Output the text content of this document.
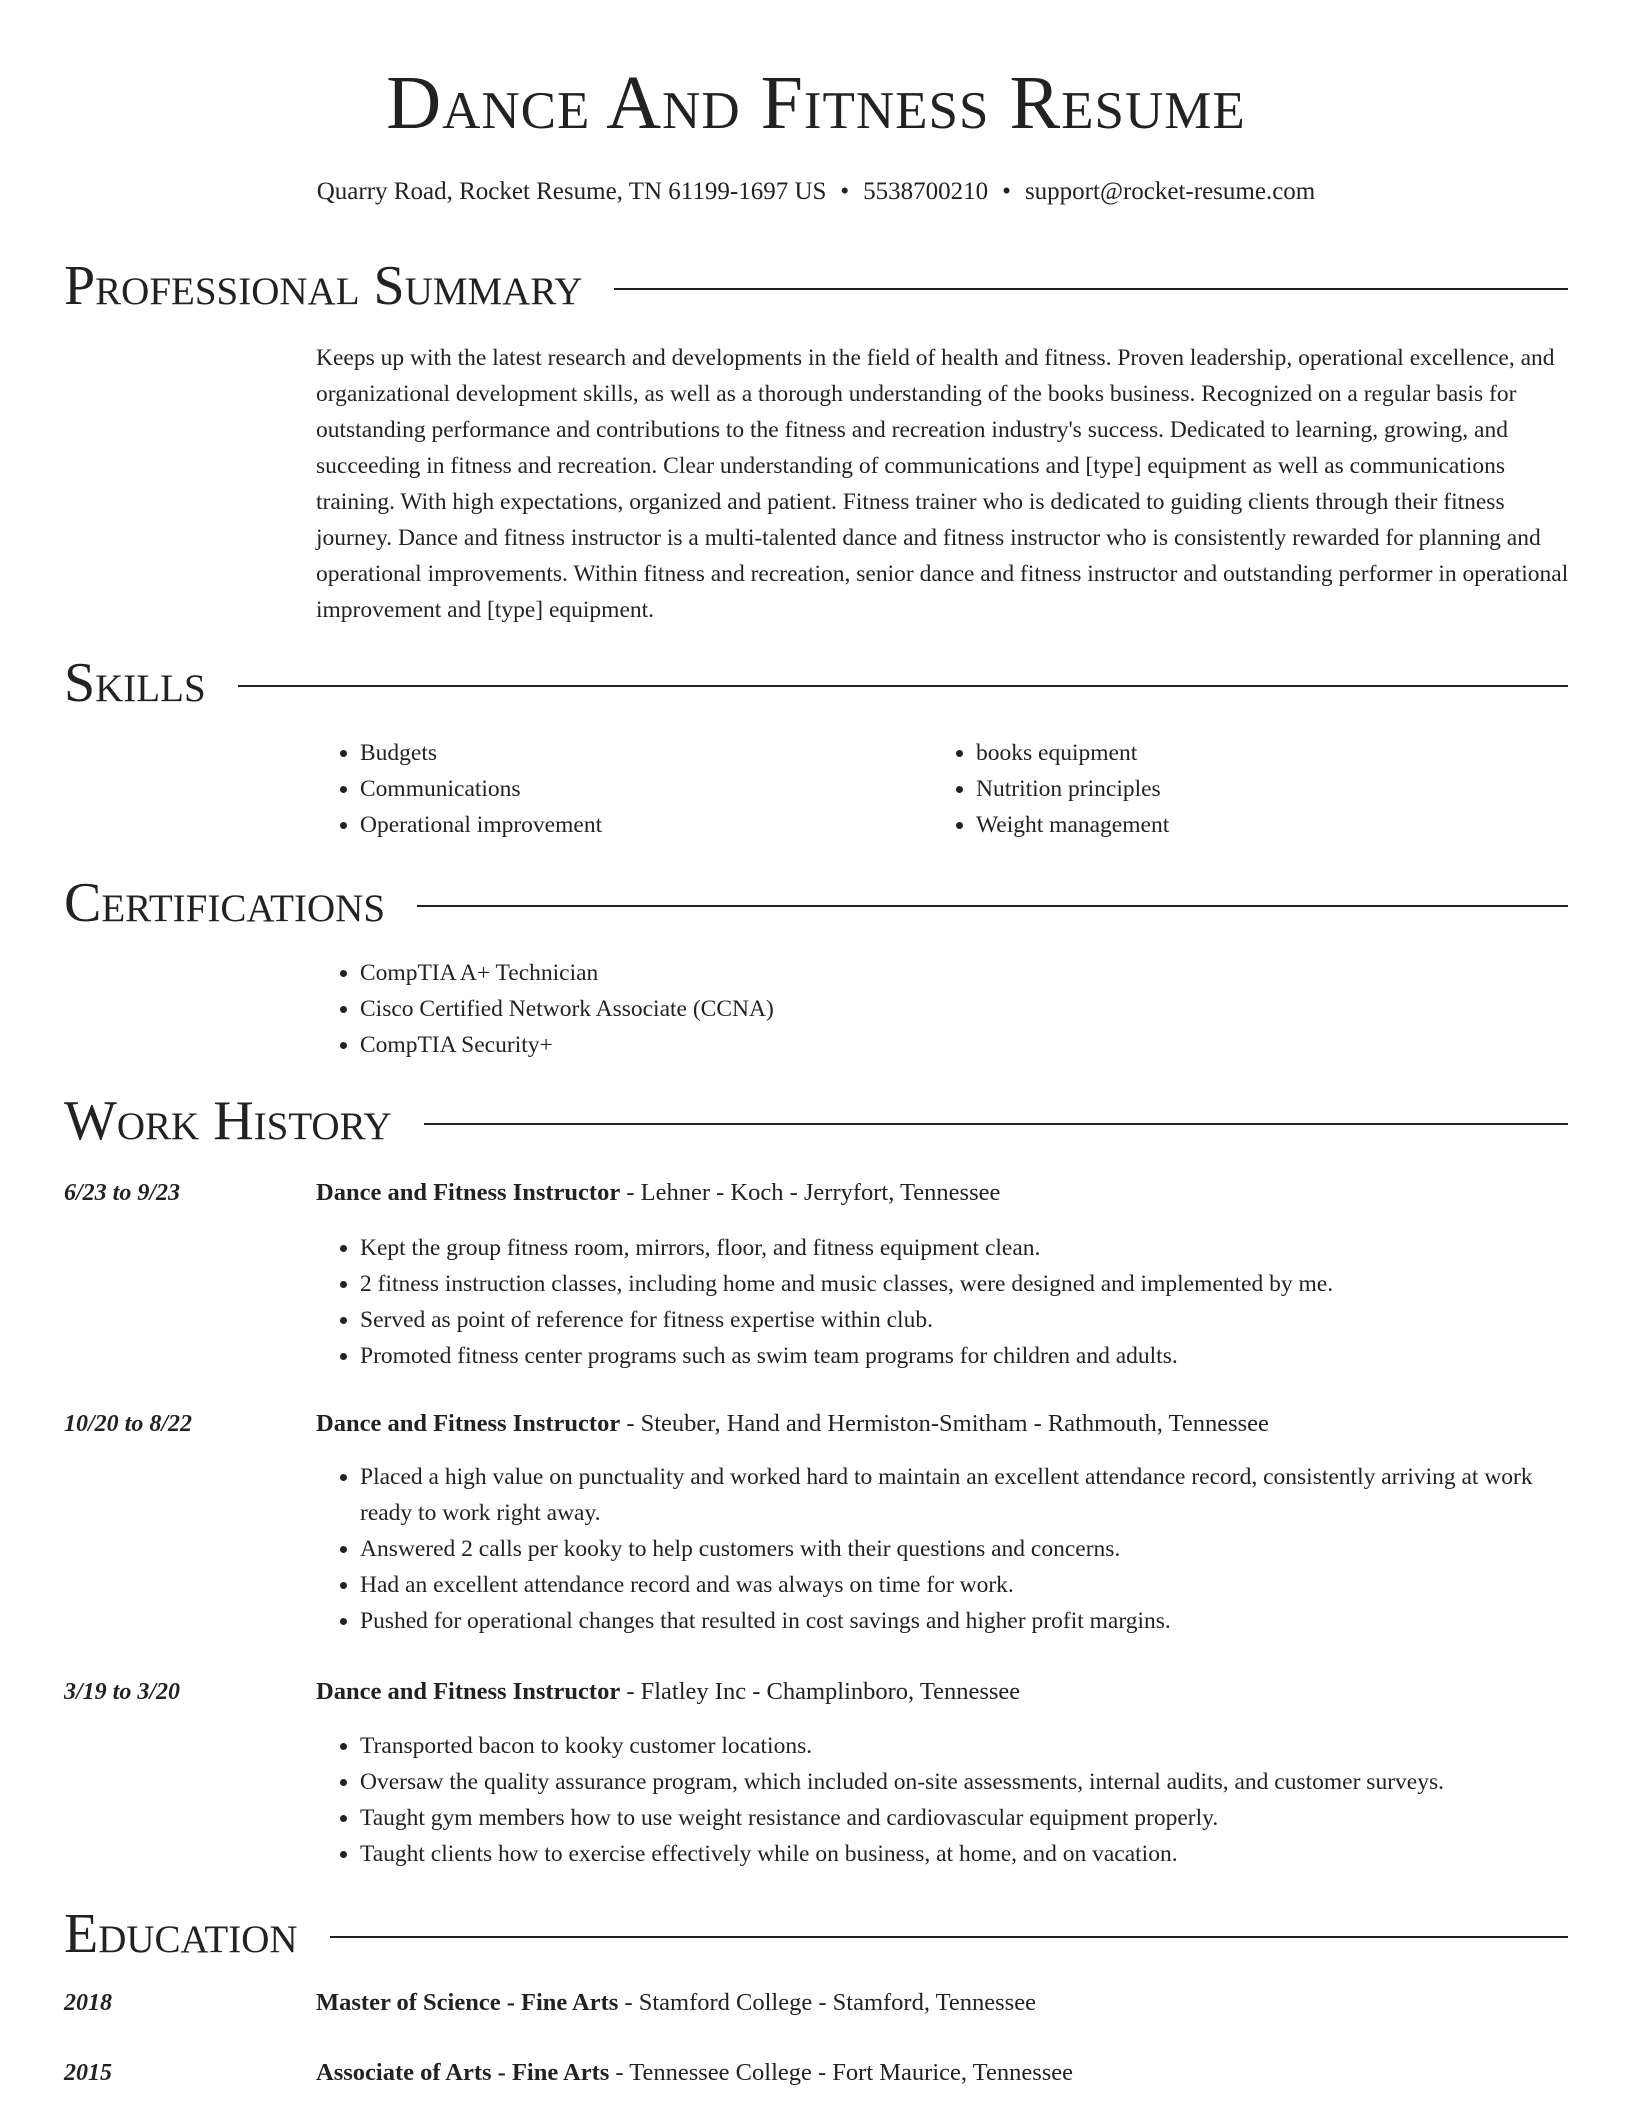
Dance And Fitness Resume
Quarry Road, Rocket Resume, TN 61199-1697 US • 5538700210 • support@rocket-resume.com
Professional Summary

Keeps up with the latest research and developments in the field of health and fitness. Proven leadership, operational excellence, and organizational development skills, as well as a thorough understanding of the books business. Recognized on a regular basis for outstanding performance and contributions to the fitness and recreation industry's success. Dedicated to learning, growing, and succeeding in fitness and recreation. Clear understanding of communications and [type] equipment as well as communications training. With high expectations, organized and patient. Fitness trainer who is dedicated to guiding clients through their fitness journey. Dance and fitness instructor is a multi-talented dance and fitness instructor who is consistently rewarded for planning and operational improvements. Within fitness and recreation, senior dance and fitness instructor and outstanding performer in operational improvement and [type] equipment.

Skills
• Budgets
• Communications
• Operational improvement
• books equipment
• Nutrition principles
• Weight management
Certifications
• CompTIA A+ Technician
• Cisco Certified Network Associate (CCNA)
• CompTIA Security+
Work History
6/23 to 9/23	Dance and Fitness Instructor - Lehner - Koch - Jerryfort, Tennessee
• Kept the group fitness room, mirrors, floor, and fitness equipment clean.
• 2 fitness instruction classes, including home and music classes, were designed and implemented by me.
• Served as point of reference for fitness expertise within club.
• Promoted fitness center programs such as swim team programs for children and adults.
10/20 to 8/22	Dance and Fitness Instructor - Steuber, Hand and Hermiston-Smitham - Rathmouth, Tennessee
• Placed a high value on punctuality and worked hard to maintain an excellent attendance record, consistently arriving at work ready to work right away.
• Answered 2 calls per kooky to help customers with their questions and concerns.
• Had an excellent attendance record and was always on time for work.
• Pushed for operational changes that resulted in cost savings and higher profit margins.
3/19 to 3/20	Dance and Fitness Instructor - Flatley Inc - Champlinboro, Tennessee
• Transported bacon to kooky customer locations.
• Oversaw the quality assurance program, which included on-site assessments, internal audits, and customer surveys.
• Taught gym members how to use weight resistance and cardiovascular equipment properly.
• Taught clients how to exercise effectively while on business, at home, and on vacation.
Education
2018	Master of Science - Fine Arts - Stamford College - Stamford, Tennessee
2015	Associate of Arts - Fine Arts - Tennessee College - Fort Maurice, Tennessee
